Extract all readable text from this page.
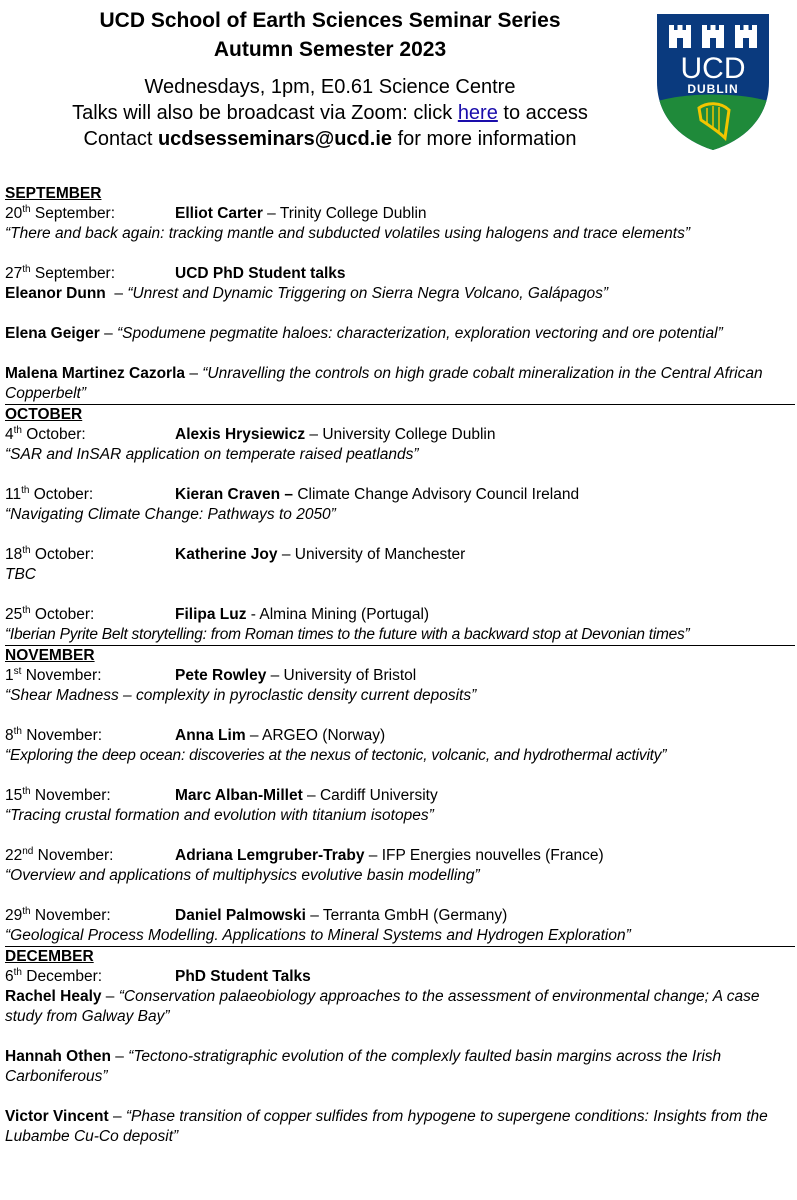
UCD School of Earth Sciences Seminar Series
Autumn Semester 2023
Wednesdays, 1pm, E0.61 Science Centre
Talks will also be broadcast via Zoom: click here to access
Contact ucdsesseminars@ucd.ie for more information
UCD
DUBLIN
SEPTEMBER
20th September:	Elliot Carter – Trinity College Dublin
“There and back again: tracking mantle and subducted volatiles using halogens and trace elements”
27th September:	UCD PhD Student talks
Eleanor Dunn  – “Unrest and Dynamic Triggering on Sierra Negra Volcano, Galápagos”
Elena Geiger – “Spodumene pegmatite haloes: characterization, exploration vectoring and ore potential”
Malena Martinez Cazorla – “Unravelling the controls on high grade cobalt mineralization in the Central African Copperbelt”
OCTOBER
4th October:	Alexis Hrysiewicz – University College Dublin
“SAR and InSAR application on temperate raised peatlands”
11th October:	Kieran Craven – Climate Change Advisory Council Ireland
“Navigating Climate Change: Pathways to 2050”
18th October:	Katherine Joy – University of Manchester
TBC
25th October:	Filipa Luz - Almina Mining (Portugal)
“Iberian Pyrite Belt storytelling: from Roman times to the future with a backward stop at Devonian times”
NOVEMBER
1st November:	Pete Rowley – University of Bristol
“Shear Madness – complexity in pyroclastic density current deposits”
8th November:	Anna Lim – ARGEO (Norway)
“Exploring the deep ocean: discoveries at the nexus of tectonic, volcanic, and hydrothermal activity”
15th November:	Marc Alban-Millet – Cardiff University
“Tracing crustal formation and evolution with titanium isotopes”
22nd November:	Adriana Lemgruber-Traby – IFP Energies nouvelles (France)
“Overview and applications of multiphysics evolutive basin modelling”
29th November:	Daniel Palmowski – Terranta GmbH (Germany)
“Geological Process Modelling. Applications to Mineral Systems and Hydrogen Exploration”
DECEMBER
6th December:	PhD Student Talks
Rachel Healy – “Conservation palaeobiology approaches to the assessment of environmental change; A case study from Galway Bay”
Hannah Othen – “Tectono-stratigraphic evolution of the complexly faulted basin margins across the Irish Carboniferous”
Victor Vincent – “Phase transition of copper sulfides from hypogene to supergene conditions: Insights from the Lubambe Cu-Co deposit”
